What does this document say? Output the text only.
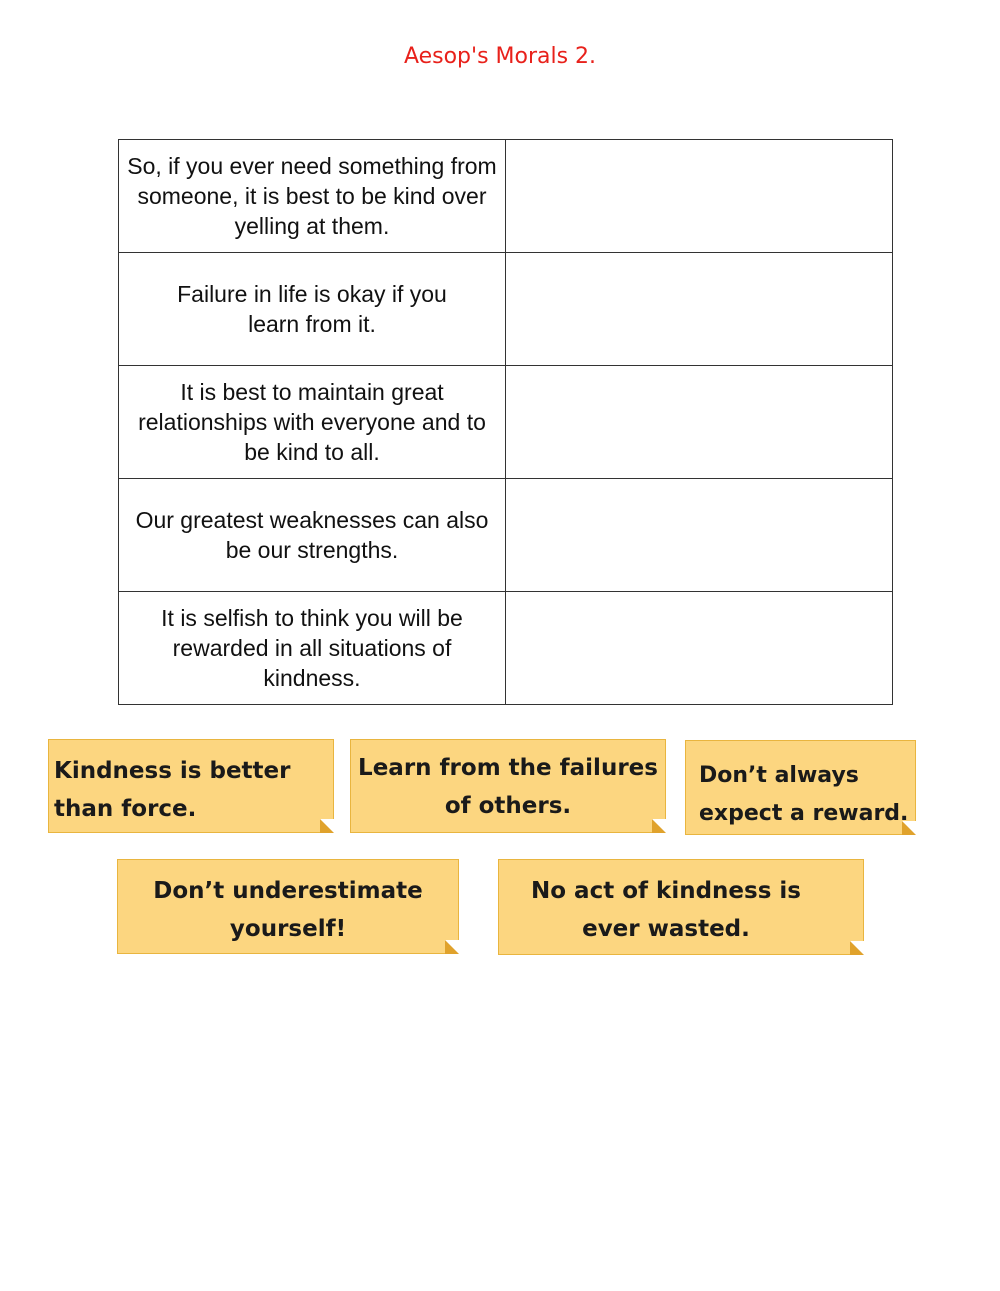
Aesop's Morals 2.
So, if you ever need something from someone, it is best to be kind over yelling at them.	
Failure in life is okay if you learn from it.	
It is best to maintain great relationships with everyone and to be kind to all.	
Our greatest weaknesses can also be our strengths.	
It is selfish to think you will be rewarded in all situations of kindness.	
Kindness is better
than force.
Learn from the failures
of others.
Don’t always
expect a reward.
Don’t underestimate
yourself!
No act of kindness is
ever wasted.
